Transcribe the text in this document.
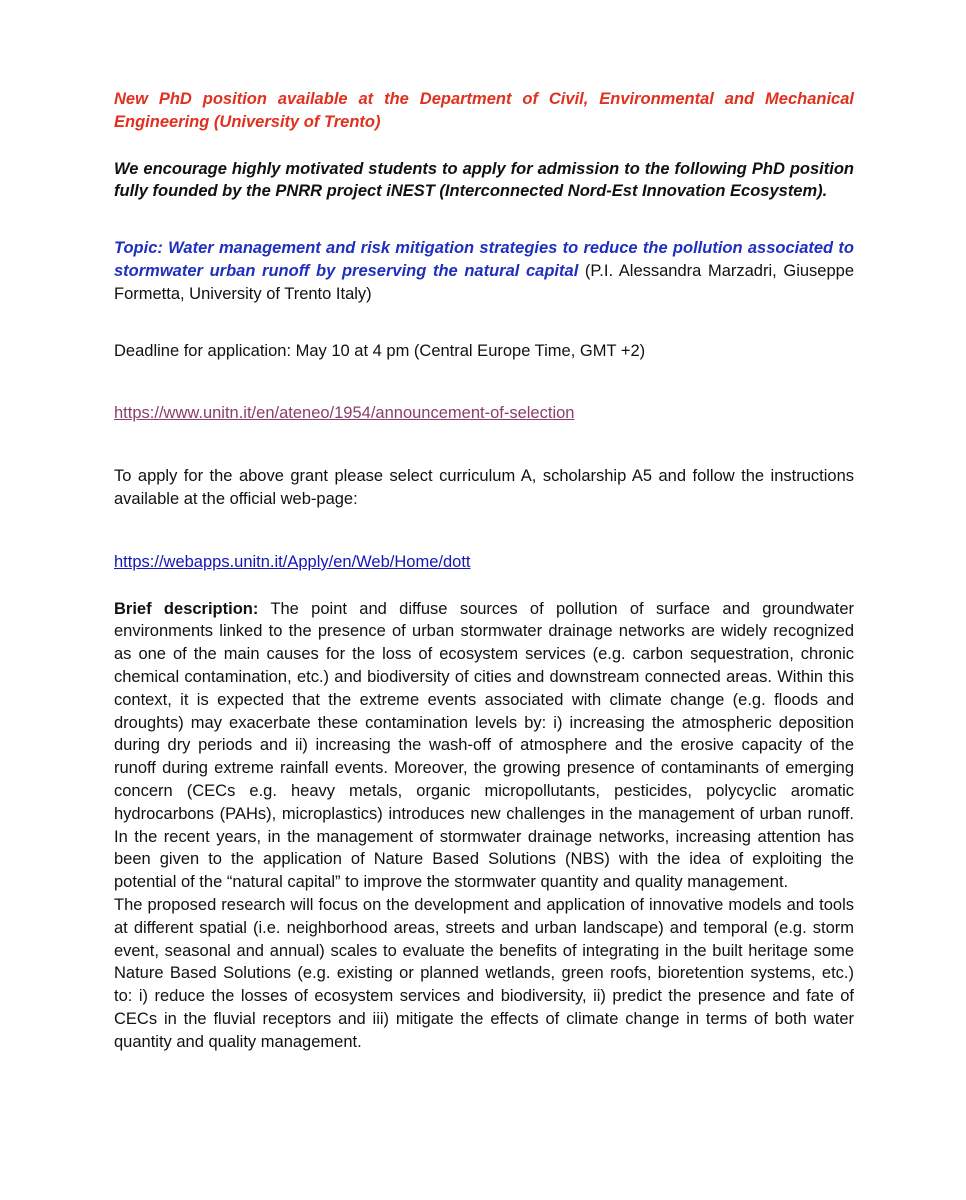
New PhD position available at the Department of Civil, Environmental and Mechanical Engineering (University of Trento)

We encourage highly motivated students to apply for admission to the following PhD position fully founded by the PNRR project iNEST (Interconnected Nord-Est Innovation Ecosystem).

Topic: Water management and risk mitigation strategies to reduce the pollution associated to stormwater urban runoff by preserving the natural capital (P.I. Alessandra Marzadri, Giuseppe Formetta, University of Trento Italy)

Deadline for application: May 10 at 4 pm (Central Europe Time, GMT +2)

https://www.unitn.it/en/ateneo/1954/announcement-of-selection

To apply for the above grant please select curriculum A, scholarship A5 and follow the instructions available at the official web-page:

https://webapps.unitn.it/Apply/en/Web/Home/dott

Brief description: The point and diffuse sources of pollution of surface and groundwater environments linked to the presence of urban stormwater drainage networks are widely recognized as one of the main causes for the loss of ecosystem services (e.g. carbon sequestration, chronic chemical contamination, etc.) and biodiversity of cities and downstream connected areas. Within this context, it is expected that the extreme events associated with climate change (e.g. floods and droughts) may exacerbate these contamination levels by: i) increasing the atmospheric deposition during dry periods and ii) increasing the wash-off of atmosphere and the erosive capacity of the runoff during extreme rainfall events. Moreover, the growing presence of contaminants of emerging concern (CECs e.g. heavy metals, organic micropollutants, pesticides, polycyclic aromatic hydrocarbons (PAHs), microplastics) introduces new challenges in the management of urban runoff. In the recent years, in the management of stormwater drainage networks, increasing attention has been given to the application of Nature Based Solutions (NBS) with the idea of exploiting the potential of the “natural capital” to improve the stormwater quantity and quality management.

The proposed research will focus on the development and application of innovative models and tools at different spatial (i.e. neighborhood areas, streets and urban landscape) and temporal (e.g. storm event, seasonal and annual) scales to evaluate the benefits of integrating in the built heritage some Nature Based Solutions (e.g. existing or planned wetlands, green roofs, bioretention systems, etc.) to: i) reduce the losses of ecosystem services and biodiversity, ii) predict the presence and fate of CECs in the fluvial receptors and iii) mitigate the effects of climate change in terms of both water quantity and quality management.
